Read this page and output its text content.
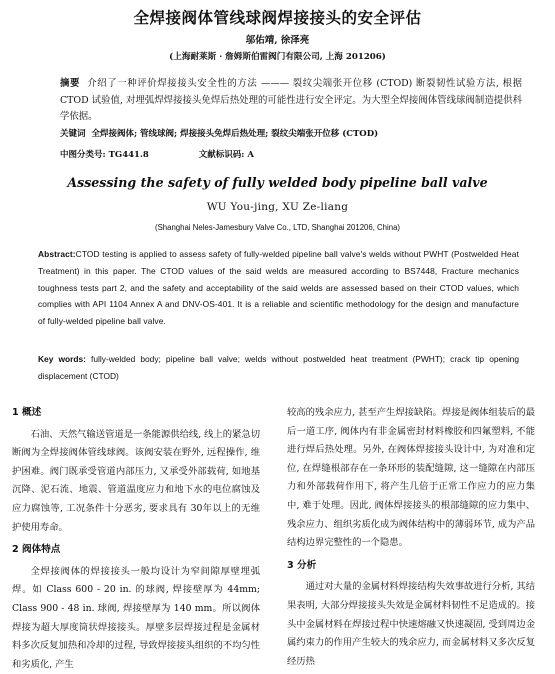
全焊接阀体管线球阀焊接接头的安全评估
邬佑靖, 徐泽亮
(上海耐莱斯 · 詹姆斯伯雷阀门有限公司, 上海 201206)
摘要 介绍了一种评价焊接接头安全性的方法 ——— 裂纹尖端张开位移 (CTOD) 断裂韧性试验方法, 根据 CTOD 试验值, 对埋弧焊焊接接头免焊后热处理的可能性进行安全评定。为大型全焊接阀体管线球阀制造提供科学依据。
关键词 全焊接阀体; 管线球阀; 焊接接头免焊后热处理; 裂纹尖端张开位移 (CTOD)
中图分类号: TG441.8	文献标识码: A
Assessing the safety of fully welded body pipeline ball valve
WU You-jing, XU Ze-liang
(Shanghai Neles-Jamesbury Valve Co., LTD, Shanghai 201206, China)
Abstract:CTOD testing is applied to assess safety of fully-welded pipeline ball valve's welds without PWHT (Postwelded Heat Treatment) in this paper. The CTOD values of the said welds are measured according to BS7448, Fracture mechanics toughness tests part 2, and the safety and acceptability of the said welds are assessed based on their CTOD values, which complies with API 1104 Annex A and DNV-OS-401. It is a reliable and scientific methodology for the design and manufacture of fully-welded pipeline ball valve.
Key words: fully-welded body; pipeline ball valve; welds without postwelded heat treatment (PWHT); crack tip opening displacement (CTOD)
1 概述

石油、天然气输送管道是一条能源供给线, 线上的紧急切断阀为全焊接阀体管线球阀。该阀安装在野外, 远程操作, 维护困难。阀门既承受管道内部压力, 又承受外部载荷, 如地基沉降、泥石流、地震、管道温度应力和地下水的电位腐蚀及应力腐蚀等, 工况条件十分恶劣, 要求具有 30年以上的无维护使用寿命。

2 阀体特点

全焊接阀体的焊接接头一般均设计为窄间隙厚壁埋弧焊。如 Class 600 - 20 in. 的球阀, 焊接壁厚为 44mm; Class 900 - 48 in. 球阀, 焊接壁厚为 140 mm。所以阀体焊接为超大厚度筒状焊接接头。厚壁多层焊接过程是金属材料多次反复加热和冷却的过程, 导致焊接接头组织的不均匀性和劣质化, 产生

较高的残余应力, 甚至产生焊接缺陷。焊接是阀体组装后的最后一道工序, 阀体内有非金属密封材料橡胶和四氟塑料, 不能进行焊后热处理。另外, 在阀体焊接接头设计中, 为对准和定位, 在焊缝根部存在一条环形的装配缝隙, 这一缝隙在内部压力和外部载荷作用下, 将产生几倍于正常工作应力的应力集中, 难于处理。因此, 阀体焊接接头的根部缝隙的应力集中、残余应力、组织劣质化成为阀体结构中的薄弱环节, 成为产品结构边界完整性的一个隐患。

3 分析

通过对大量的金属材料焊接结构失效事故进行分析, 其结果表明, 大部分焊接接头失效是金属材料韧性不足造成的。接头中金属材料在焊接过程中快速熔融又快速凝固, 受到周边金属约束力的作用产生较大的残余应力, 而金属材料又多次反复经历热
